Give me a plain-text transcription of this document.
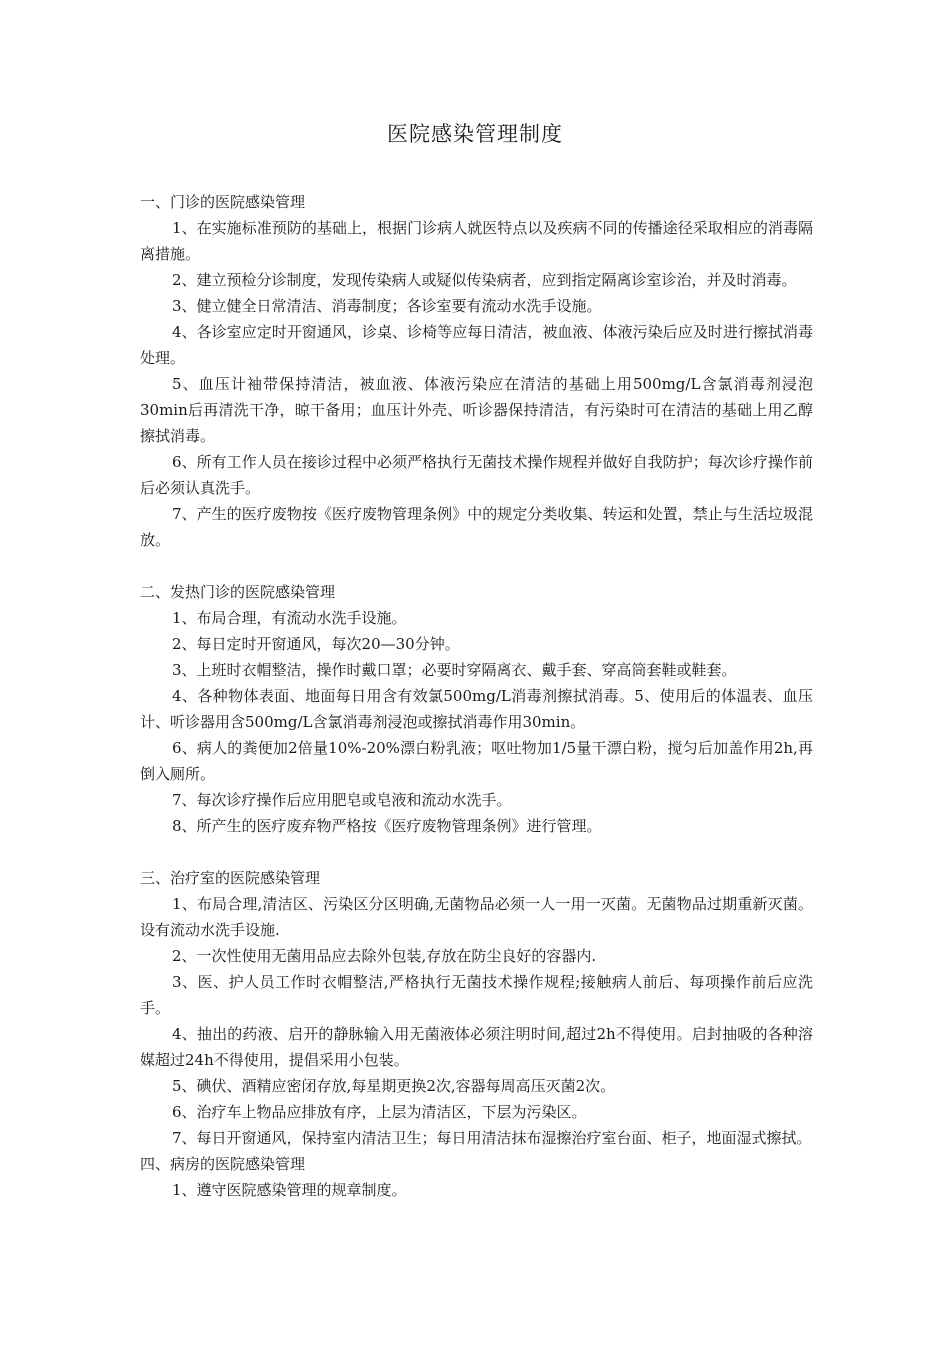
医院感染管理制度

一、门诊的医院感染管理

1、在实施标准预防的基础上，根据门诊病人就医特点以及疾病不同的传播途径采取相应的消毒隔离措施。

2、建立预检分诊制度，发现传染病人或疑似传染病者，应到指定隔离诊室诊治，并及时消毒。

3、健立健全日常清洁、消毒制度；各诊室要有流动水洗手设施。

4、各诊室应定时开窗通风，诊桌、诊椅等应每日清洁，被血液、体液污染后应及时进行擦拭消毒处理。

5、血压计袖带保持清洁，被血液、体液污染应在清洁的基础上用500mg/L含氯消毒剂浸泡30min后再清洗干净，晾干备用；血压计外壳、听诊器保持清洁，有污染时可在清洁的基础上用乙醇擦拭消毒。

6、所有工作人员在接诊过程中必须严格执行无菌技术操作规程并做好自我防护；每次诊疗操作前后必须认真洗手。

7、产生的医疗废物按《医疗废物管理条例》中的规定分类收集、转运和处置，禁止与生活垃圾混放。

二、发热门诊的医院感染管理

1、布局合理，有流动水洗手设施。

2、每日定时开窗通风，每次20—30分钟。

3、上班时衣帽整洁，操作时戴口罩；必要时穿隔离衣、戴手套、穿高筒套鞋或鞋套。

4、各种物体表面、地面每日用含有效氯500mg/L消毒剂擦拭消毒。5、使用后的体温表、血压计、听诊器用含500mg/L含氯消毒剂浸泡或擦拭消毒作用30min。

6、病人的粪便加2倍量10%-20%漂白粉乳液；呕吐物加1/5量干漂白粉，搅匀后加盖作用2h,再倒入厕所。

7、每次诊疗操作后应用肥皂或皂液和流动水洗手。

8、所产生的医疗废弃物严格按《医疗废物管理条例》进行管理。

三、治疗室的医院感染管理

1、布局合理,清洁区、污染区分区明确,无菌物品必须一人一用一灭菌。无菌物品过期重新灭菌。设有流动水洗手设施.

2、一次性使用无菌用品应去除外包装,存放在防尘良好的容器内.

3、医、护人员工作时衣帽整洁,严格执行无菌技术操作规程;接触病人前后、每项操作前后应洗手。

4、抽出的药液、启开的静脉输入用无菌液体必须注明时间,超过2h不得使用。启封抽吸的各种溶媒超过24h不得使用，提倡采用小包装。

5、碘伏、酒精应密闭存放,每星期更换2次,容器每周高压灭菌2次。

6、治疗车上物品应排放有序，上层为清洁区，下层为污染区。

7、每日开窗通风，保持室内清洁卫生；每日用清洁抹布湿擦治疗室台面、柜子，地面湿式擦拭。

四、病房的医院感染管理

1、遵守医院感染管理的规章制度。
